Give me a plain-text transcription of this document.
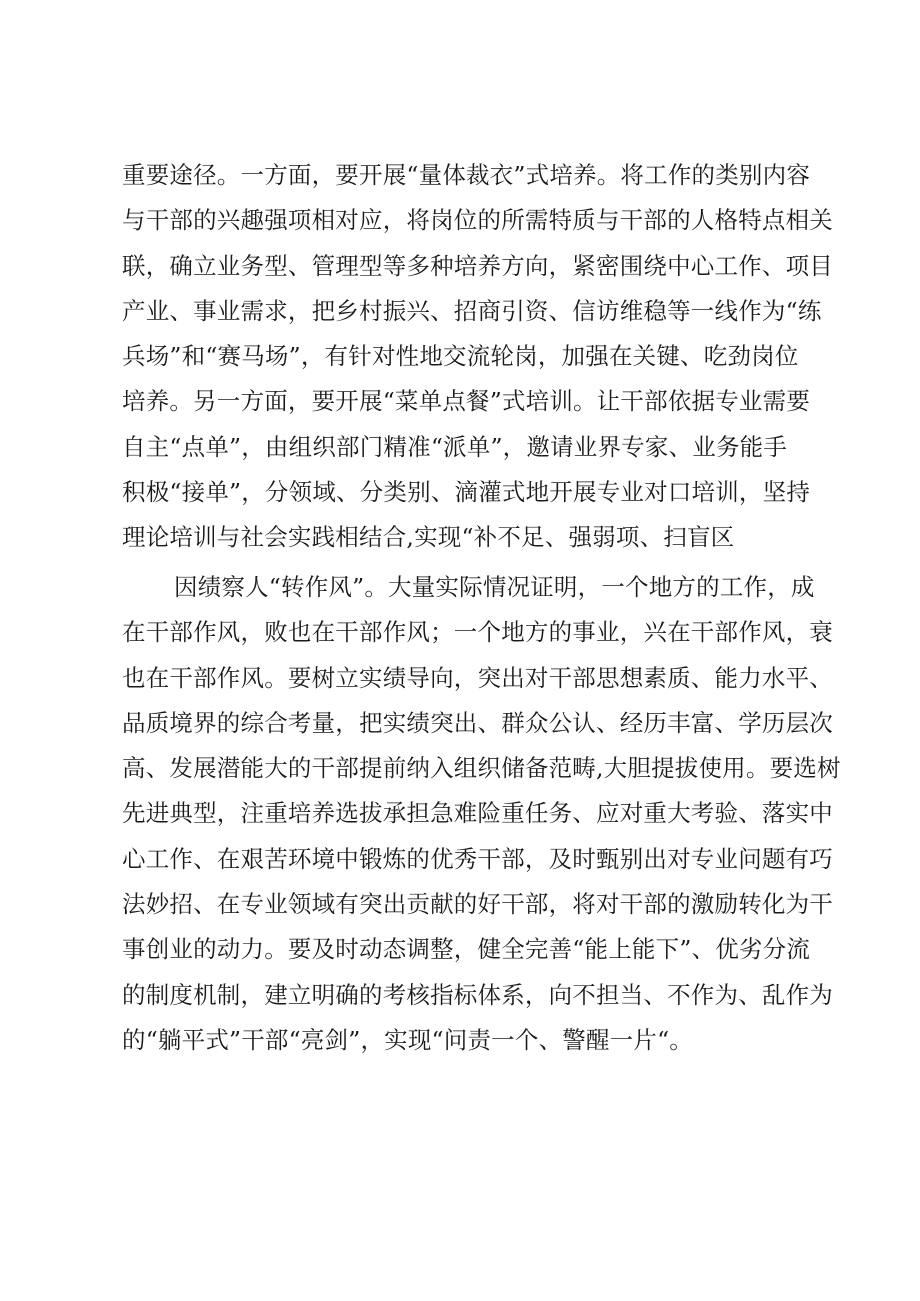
重要途径。一方面，要开展“量体裁衣”式培养。将工作的类别内容
与干部的兴趣强项相对应，将岗位的所需特质与干部的人格特点相关
联，确立业务型、管理型等多种培养方向，紧密围绕中心工作、项目
产业、事业需求，把乡村振兴、招商引资、信访维稳等一线作为“练
兵场”和“赛马场”，有针对性地交流轮岗，加强在关键、吃劲岗位
培养。另一方面，要开展“菜单点餐”式培训。让干部依据专业需要
自主“点单”，由组织部门精准“派单”，邀请业界专家、业务能手
积极“接单”，分领域、分类别、滴灌式地开展专业对口培训，坚持
理论培训与社会实践相结合,实现“补不足、强弱项、扫盲区
因绩察人“转作风”。大量实际情况证明，一个地方的工作，成
在干部作风，败也在干部作风；一个地方的事业，兴在干部作风，衰
也在干部作风。要树立实绩导向，突出对干部思想素质、能力水平、
品质境界的综合考量，把实绩突出、群众公认、经历丰富、学历层次
高、发展潜能大的干部提前纳入组织储备范畴,大胆提拔使用。要选树
先进典型，注重培养选拔承担急难险重任务、应对重大考验、落实中
心工作、在艰苦环境中锻炼的优秀干部，及时甄别出对专业问题有巧
法妙招、在专业领域有突出贡献的好干部，将对干部的激励转化为干
事创业的动力。要及时动态调整，健全完善“能上能下”、优劣分流
的制度机制，建立明确的考核指标体系，向不担当、不作为、乱作为
的“躺平式”干部“亮剑”，实现“问责一个、警醒一片“。
